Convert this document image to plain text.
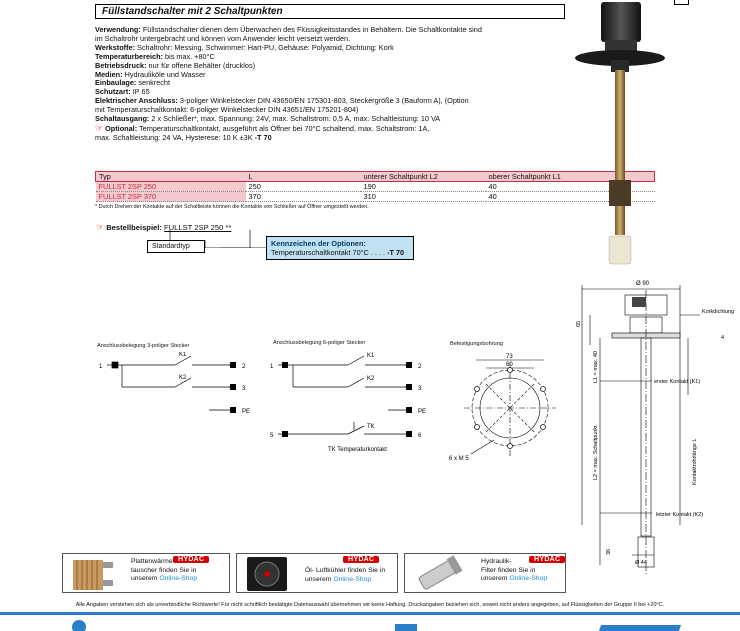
Füllstandschalter mit 2 Schaltpunkten

Verwendung: Füllstandschalter dienen dem Überwachen des Flüssigkeitsstandes in Behältern. Die Schaltkontakte sind

im Schaltrohr untergebracht und können vom Anwender leicht versetzt werden.

Werkstoffe: Schaltrohr: Messing, Schwimmer: Hart-PU, Gehäuse: Polyamid, Dichtung: Kork

Temperaturbereich: bis max. +80°C

Betriebsdruck: nur für offene Behälter (drucklos)

Medien: Hydrauliköle und Wasser

Einbaulage: senkrecht

Schutzart: IP 65

Elektrischer Anschluss: 3-poliger Winkelstecker DIN 43650/EN 175301-803, Steckergröße 3 (Bauform A), (Option

mit Temperaturschaltkontakt: 6-poliger Winkelstecker DIN 43651/EN 175201-804)

Schaltausgang: 2 x Schließer*, max. Spannung: 24V, max. Schaltstrom: 0,5 A, max. Schaltleistung: 10 VA

☞ Optional: Temperaturschaltkontakt, ausgeführt als Öffner bei 70°C schaltend, max. Schaltstrom: 1A,

max. Schaltleistung: 24 VA, Hysterese: 10 K ±3K -T 70

Typ	L	unterer Schaltpunkt L2	oberer Schaltpunkt L1
FULLST 2SP 250	250	190	40
FULLST 2SP 370	370	310	40
* Durch Drehen der Kontakte auf der Schaltleiste können die Kontakte von Schließer auf Öffner umgestellt werden.
☞ Bestellbeispiel: FULLST 2SP 250 **
Standardtyp	Kennzeichen der Optionen:
Temperaturschaltkontakt 70°C . . . . -T 70
Anschlussbelegung 3-poliger Stecker
1
K1
K2
2
3
PE
Anschlussbelegung 6-poliger Stecker
1
K1
K2
2
3
PE
TK
5	6
TK Temperaturkontakt
Befestigungsbohrung
73
60
6 x M 5
Ø 90
Korkdichtung
65
erster Kontakt (K1)
letzter Kontakt (K2)
L1 = max. 40
L2 = max. Schaltpunkt	Kontaktrohrlänge L
36
Ø 44
4
HYDAC
Plattenwärme-
tauscher finden Sie in
unserem Online-Shop
HYDAC
Öl- Luftkühler finden Sie in
unserem Online-Shop
HYDAC
Hydraulik-
Filter finden Sie in
unserem Online-Shop
Alle Angaben verstehen sich als unverbindliche Richtwerte! Für nicht schriftlich bestätigte Datenauswahl übernehmen wir keine Haftung. Druckangaben beziehen sich, soweit nicht anders angegeben, auf Flüssigkeiten der Gruppe II bei +20°C.
